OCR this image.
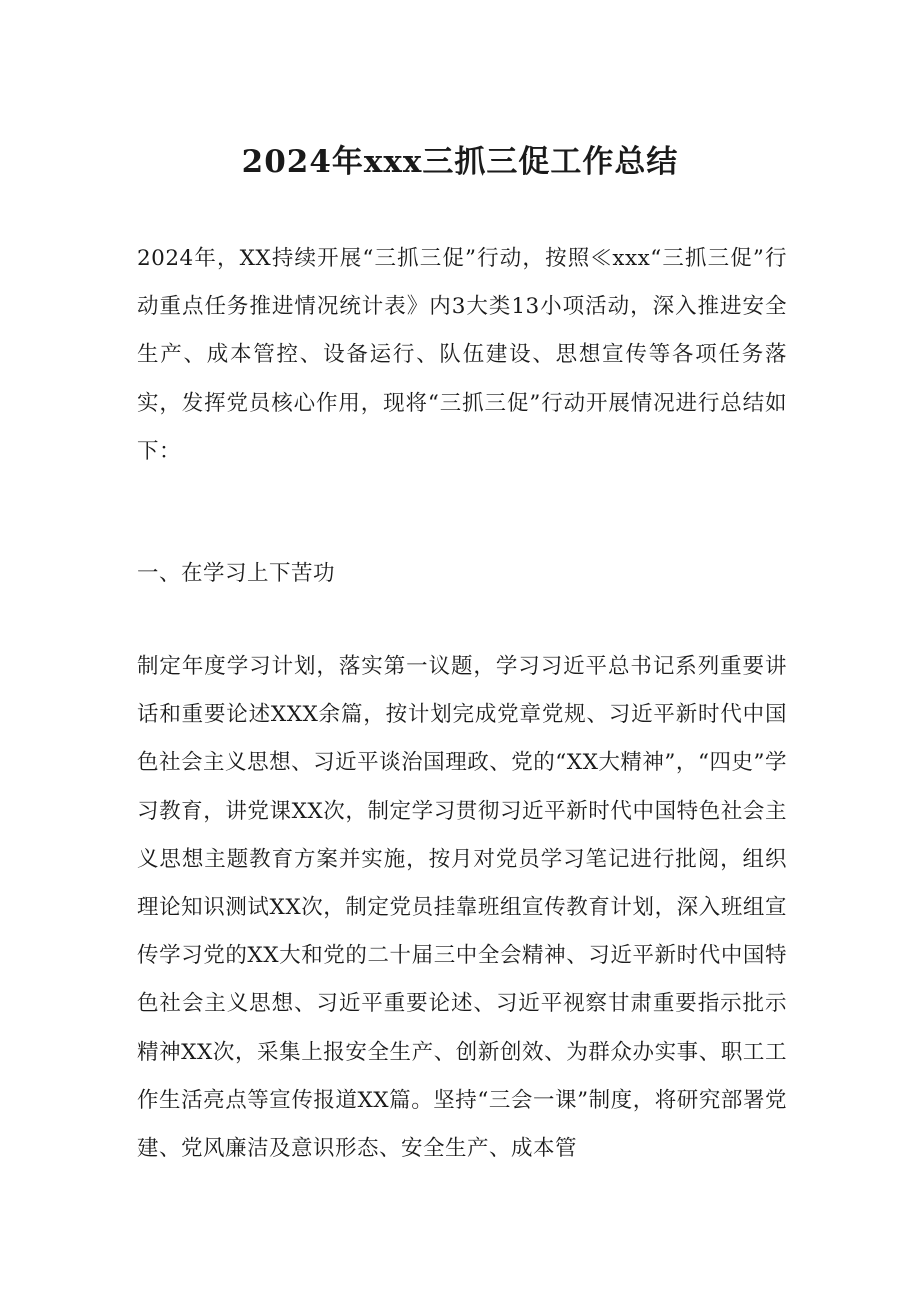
2024年xxx三抓三促工作总结

2024年，XX持续开展“三抓三促”行动，按照≪xxx“三抓三促”行动重点任务推进情况统计表》内3大类13小项活动，深入推进安全生产、成本管控、设备运行、队伍建设、思想宣传等各项任务落实，发挥党员核心作用，现将“三抓三促”行动开展情况进行总结如下：

一、在学习上下苦功

制定年度学习计划，落实第一议题，学习习近平总书记系列重要讲话和重要论述XXX余篇，按计划完成党章党规、习近平新时代中国色社会主义思想、习近平谈治国理政、党的“XX大精神”，“四史”学习教育，讲党课XX次，制定学习贯彻习近平新时代中国特色社会主义思想主题教育方案并实施，按月对党员学习笔记进行批阅，组织理论知识测试XX次，制定党员挂靠班组宣传教育计划，深入班组宣传学习党的XX大和党的二十届三中全会精神、习近平新时代中国特色社会主义思想、习近平重要论述、习近平视察甘肃重要指示批示精神XX次，采集上报安全生产、创新创效、为群众办实事、职工工作生活亮点等宣传报道XX篇。坚持“三会一课”制度，将研究部署党建、党风廉洁及意识形态、安全生产、成本管
